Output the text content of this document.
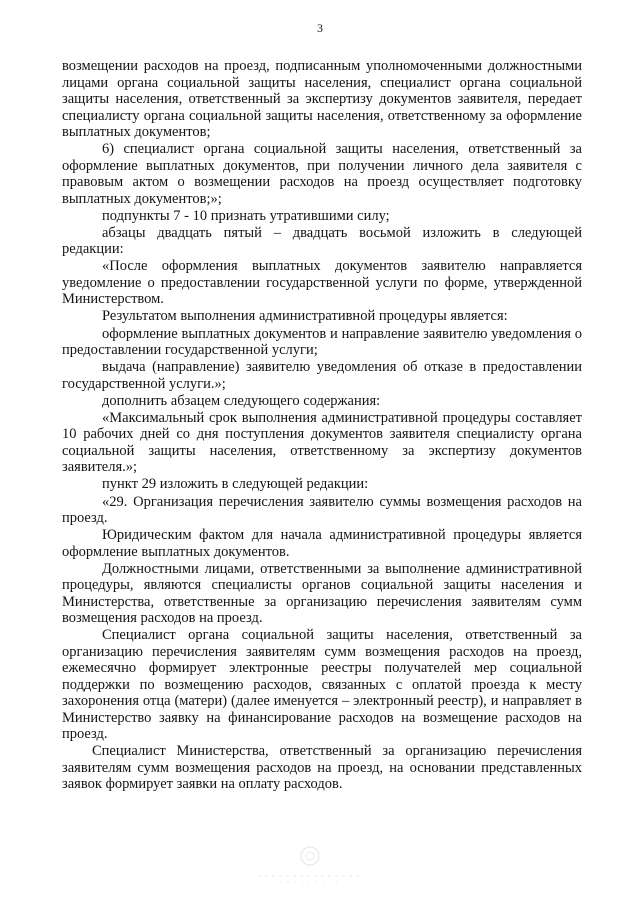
3

возмещении расходов на проезд, подписанным уполномоченными должностными лицами органа социальной защиты населения, специалист органа социальной защиты населения, ответственный за экспертизу документов заявителя, передает специалисту органа социальной защиты населения, ответственному за оформление выплатных документов;

6) специалист органа социальной защиты населения, ответственный за оформление выплатных документов, при получении личного дела заявителя с правовым актом о возмещении расходов на проезд осуществляет подготовку выплатных документов;»;

подпункты 7 - 10 признать утратившими силу;

абзацы двадцать пятый – двадцать восьмой изложить в следующей редакции:

«После оформления выплатных документов заявителю направляется уведомление о предоставлении государственной услуги по форме, утвержденной Министерством.

Результатом выполнения административной процедуры является:

оформление выплатных документов и направление заявителю уведомления о предоставлении государственной услуги;

выдача (направление) заявителю уведомления об отказе в предоставлении государственной услуги.»;

дополнить абзацем следующего содержания:

«Максимальный срок выполнения административной процедуры составляет 10 рабочих дней со дня поступления документов заявителя специалисту органа социальной защиты населения, ответственному за экспертизу документов заявителя.»;

пункт 29 изложить в следующей редакции:

«29. Организация перечисления заявителю суммы возмещения расходов на проезд.

Юридическим фактом для начала административной процедуры является оформление выплатных документов.

Должностными лицами, ответственными за выполнение административной процедуры, являются специалисты органов социальной защиты населения и Министерства, ответственные за организацию перечисления заявителям сумм возмещения расходов на проезд.

Специалист органа социальной защиты населения, ответственный за организацию перечисления заявителям сумм возмещения расходов на проезд, ежемесячно формирует электронные реестры получателей мер социальной поддержки по возмещению расходов, связанных с оплатой проезда к месту захоронения отца (матери) (далее именуется – электронный реестр), и направляет в Министерство заявку на финансирование расходов на возмещение расходов на проезд.

Специалист Министерства, ответственный за организацию перечисления заявителям сумм возмещения расходов на проезд, на основании представленных заявок формирует заявки на оплату расходов.
